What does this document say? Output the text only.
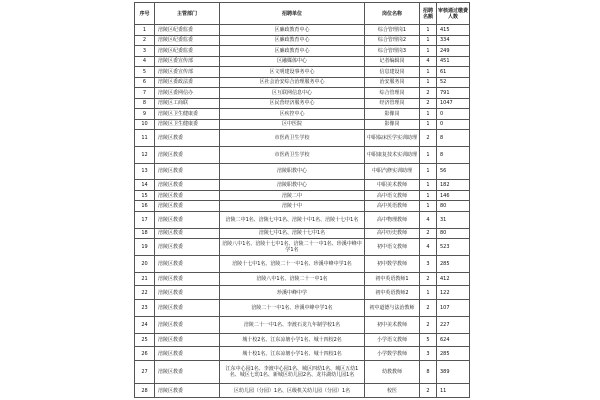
序号	主管部门	招聘单位	岗位名称	招聘名额	审核通过缴费人数
1	涪陵区纪委监委	区廉政教育中心	综合管理岗1	1	415
2	涪陵区纪委监委	区廉政教育中心	综合管理岗2	1	334
3	涪陵区纪委监委	区廉政教育中心	综合管理岗3	1	249
4	涪陵区委宣传部	区融媒体中心	记者编辑岗	4	451
5	涪陵区委宣传部	区文明建设事务中心	信息建设岗	1	61
6	涪陵区委政法委	区社会治安综合治理服务中心	治安服务岗	1	52
7	涪陵区委网信办	区互联网信息中心	综合管理岗	2	791
8	涪陵区工商联	区民营经济服务中心	经济管理岗	2	1047
9	涪陵区卫生健康委	区疾控中心	影像岗	1	0
10	涪陵区卫生健康委	区中医院	影像岗	1	0
11	涪陵区教委	市医药卫生学校	中职临床医学实训助理	2	8
12	涪陵区教委	市医药卫生学校	中职康复技术实训助理	1	8
13	涪陵区教委	涪陵职教中心	中职汽修实训助理	1	56
14	涪陵区教委	涪陵职教中心	中职美术教师	1	182
15	涪陵区教委	涪陵二中	高中语文教师	1	146
16	涪陵区教委	涪陵十中	高中英语教师	1	80
17	涪陵区教委	涪陵二中1名、涪陵七中1名、涪陵十中1名、涪陵十七中1名	高中物理教师	4	31
18	涪陵区教委	涪陵七中1名、涪陵十七中1名	高中历史教师	2	80
19	涪陵区教委	涪陵八中1名、涪陵十七中1名、涪陵二十一中1名、珍溪中峰中学1名	初中语文教师	4	523
20	涪陵区教委	涪陵十七中1名、涪陵二十一中1名、珍溪中峰中学1名	初中数学教师	3	285
21	涪陵区教委	涪陵八中1名、涪陵二十一中1名	初中英语教师1	2	412
22	涪陵区教委	珍溪中峰中学	初中英语教师2	1	122
23	涪陵区教委	涪陵二十一中1名、珍溪中峰中学1名	初中道德与法治教师	2	107
24	涪陵区教委	涪陵二十一中1名、李渡石龙九年制学校1名	初中美术教师	2	227
25	涪陵区教委	城十校2名、江东凉塘小学1名、城十四校2名	小学语文教师	5	624
26	涪陵区教委	城十校1名、江东凉塘小学1名、城十四校1名	小学数学教师	3	285
27	涪陵区教委	江东中心园1名、李渡中心园1名、城区四幼1名、城区五幼1名、城区七幼1名、新城区幼儿园2名、龙井湖幼儿园1名	幼教教师	8	389
28	涪陵区教委	区幼儿园（分园）1名、区级机关幼儿园（分园）1名	校医	2	11
